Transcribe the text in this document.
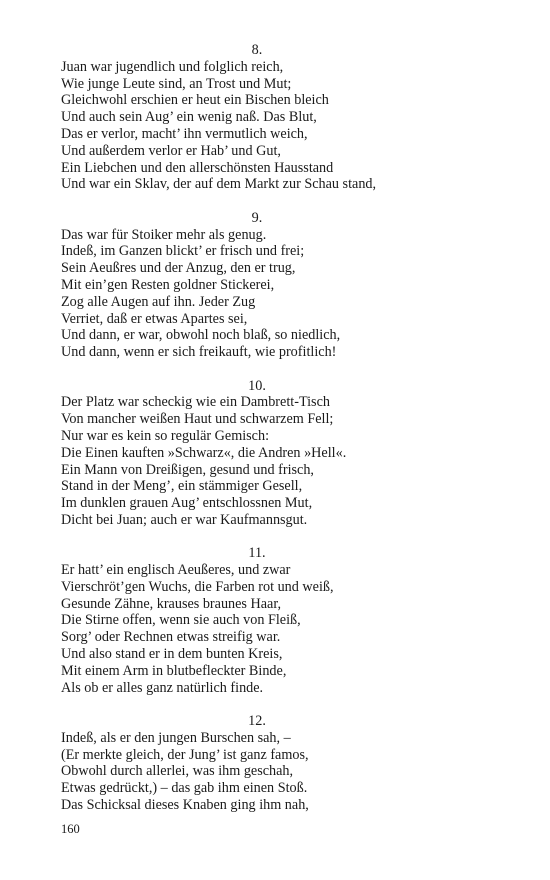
8.
Juan war jugendlich und folglich reich,
Wie junge Leute sind, an Trost und Mut;
Gleichwohl erschien er heut ein Bischen bleich
Und auch sein Aug’ ein wenig naß. Das Blut,
Das er verlor, macht’ ihn vermutlich weich,
Und außerdem verlor er Hab’ und Gut,
Ein Liebchen und den allerschönsten Hausstand
Und war ein Sklav, der auf dem Markt zur Schau stand,
9.
Das war für Stoiker mehr als genug.
Indeß, im Ganzen blickt’ er frisch und frei;
Sein Aeußres und der Anzug, den er trug,
Mit ein’gen Resten goldner Stickerei,
Zog alle Augen auf ihn. Jeder Zug
Verriet, daß er etwas Apartes sei,
Und dann, er war, obwohl noch blaß, so niedlich,
Und dann, wenn er sich freikauft, wie profitlich!
10.
Der Platz war scheckig wie ein Dambrett-Tisch
Von mancher weißen Haut und schwarzem Fell;
Nur war es kein so regulär Gemisch:
Die Einen kauften »Schwarz«, die Andren »Hell«.
Ein Mann von Dreißigen, gesund und frisch,
Stand in der Meng’, ein stämmiger Gesell,
Im dunklen grauen Aug’ entschlossnen Mut,
Dicht bei Juan; auch er war Kaufmannsgut.
11.
Er hatt’ ein englisch Aeußeres, und zwar
Vierschröt’gen Wuchs, die Farben rot und weiß,
Gesunde Zähne, krauses braunes Haar,
Die Stirne offen, wenn sie auch von Fleiß,
Sorg’ oder Rechnen etwas streifig war.
Und also stand er in dem bunten Kreis,
Mit einem Arm in blutbefleckter Binde,
Als ob er alles ganz natürlich finde.
12.
Indeß, als er den jungen Burschen sah, –
(Er merkte gleich, der Jung’ ist ganz famos,
Obwohl durch allerlei, was ihm geschah,
Etwas gedrückt,) – das gab ihm einen Stoß.
Das Schicksal dieses Knaben ging ihm nah,
160
